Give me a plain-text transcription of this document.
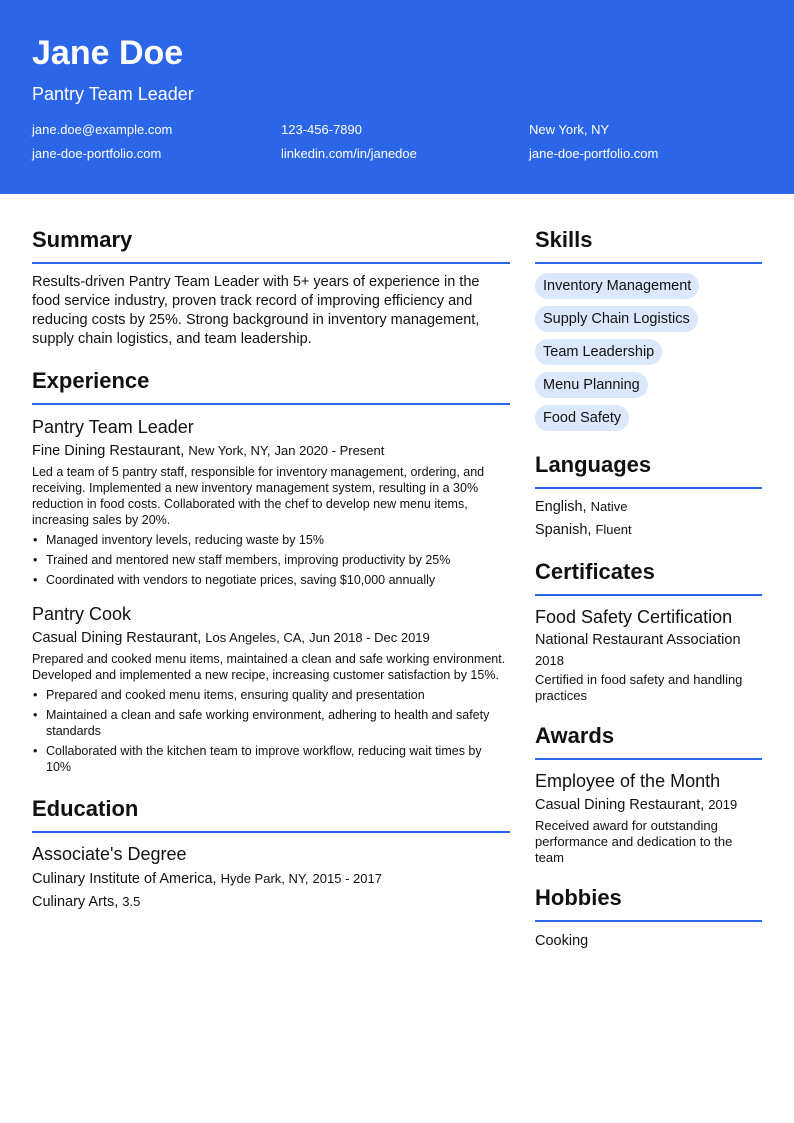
Jane Doe
Pantry Team Leader
jane.doe@example.com	123-456-7890	New York, NY
jane-doe-portfolio.com	linkedin.com/in/janedoe	jane-doe-portfolio.com
Summary

Results-driven Pantry Team Leader with 5+ years of experience in the food service industry, proven track record of improving efficiency and reducing costs by 25%. Strong background in inventory management, supply chain logistics, and team leadership.

Experience
Pantry Team Leader
Fine Dining Restaurant, New York, NY, Jan 2020 - Present

Led a team of 5 pantry staff, responsible for inventory management, ordering, and receiving. Implemented a new inventory management system, resulting in a 30% reduction in food costs. Collaborated with the chef to develop new menu items, increasing sales by 20%.

• Managed inventory levels, reducing waste by 15%
• Trained and mentored new staff members, improving productivity by 25%
• Coordinated with vendors to negotiate prices, saving $10,000 annually
Pantry Cook
Casual Dining Restaurant, Los Angeles, CA, Jun 2018 - Dec 2019

Prepared and cooked menu items, maintained a clean and safe working environment. Developed and implemented a new recipe, increasing customer satisfaction by 15%.

• Prepared and cooked menu items, ensuring quality and presentation
• Maintained a clean and safe working environment, adhering to health and safety standards
• Collaborated with the kitchen team to improve workflow, reducing wait times by 10%
Education
Associate's Degree
Culinary Institute of America, Hyde Park, NY, 2015 - 2017
Culinary Arts, 3.5
Skills
Inventory Management
Supply Chain Logistics
Team Leadership
Menu Planning
Food Safety
Languages
English, Native
Spanish, Fluent
Certificates
Food Safety Certification
National Restaurant Association
2018
Certified in food safety and handling practices
Awards
Employee of the Month
Casual Dining Restaurant, 2019
Received award for outstanding performance and dedication to the team
Hobbies
Cooking
